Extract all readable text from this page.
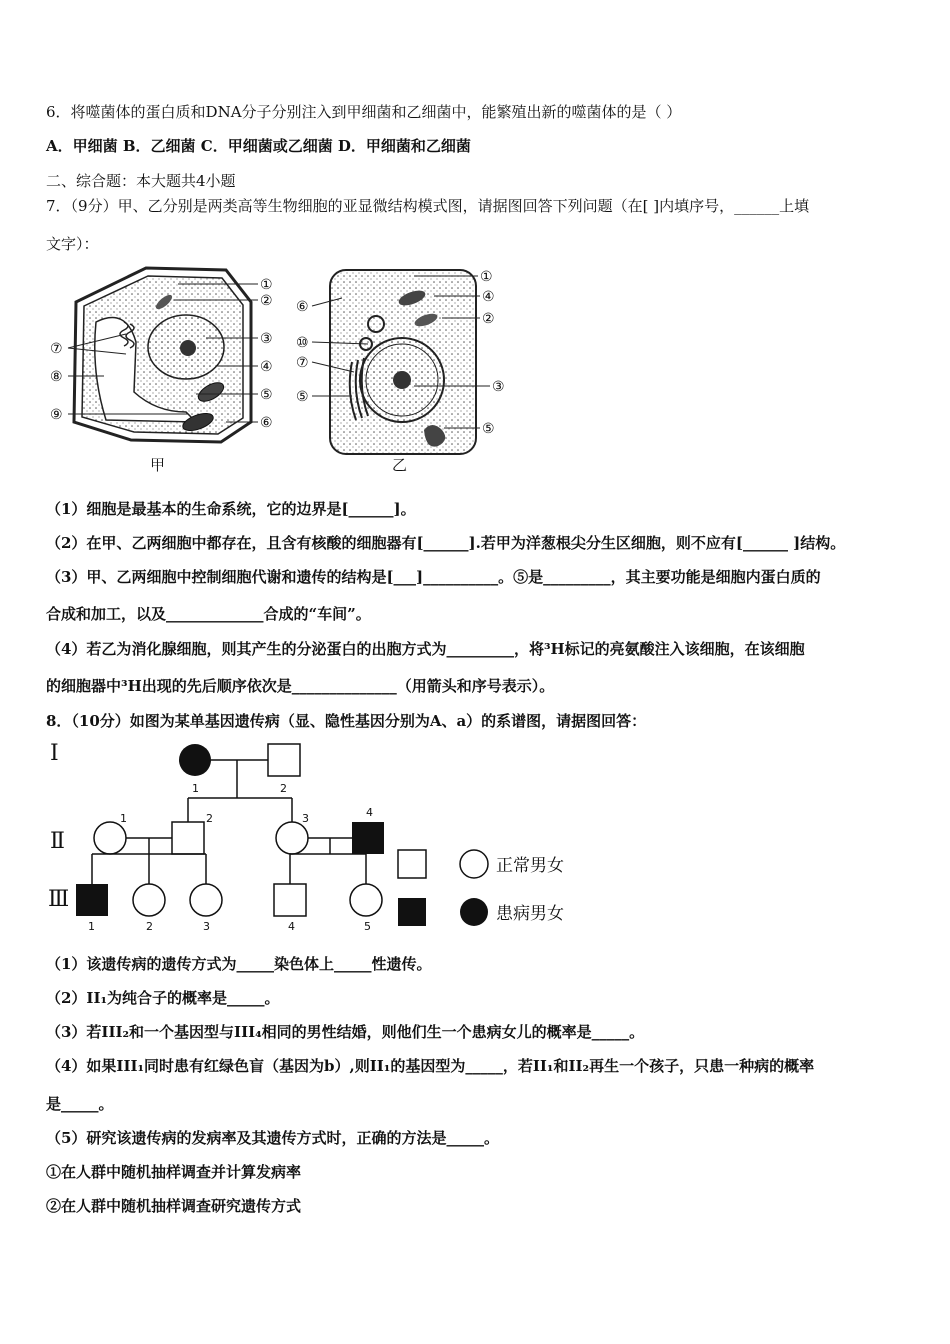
6．将噬菌体的蛋白质和DNA分子分别注入到甲细菌和乙细菌中，能繁殖出新的噬菌体的是（ ）
A．甲细菌 B．乙细菌 C．甲细菌或乙细菌 D．甲细菌和乙细菌
二、综合题：本大题共4小题
7．（9分）甲、乙分别是两类高等生物细胞的亚显微结构模式图，请据图回答下列问题（在[ ]内填序号，______上填
文字）：
①
②
③
④
⑤
⑥
⑦
⑧
⑨
甲
①
④
②
⑥
⑩
⑦
⑤
③
⑤
乙
（1）细胞是最基本的生命系统，它的边界是[______]。
（2）在甲、乙两细胞中都存在，且含有核酸的细胞器有[______].若甲为洋葱根尖分生区细胞，则不应有[______ ]结构。
（3）甲、乙两细胞中控制细胞代谢和遗传的结构是[___]__________。⑤是_________，其主要功能是细胞内蛋白质的
合成和加工，以及_____________合成的“车间”。
（4）若乙为消化腺细胞，则其产生的分泌蛋白的出胞方式为_________，将³H标记的亮氨酸注入该细胞，在该细胞
的细胞器中³H出现的先后顺序依次是______________（用箭头和序号表示）。
8．（10分）如图为某单基因遗传病（显、隐性基因分别为A、a）的系谱图，请据图回答：
Ⅰ
Ⅱ
Ⅲ
1	2
1	2	3	4
1	2	3	4	5
正常男女
患病男女
（1）该遗传病的遗传方式为_____染色体上_____性遗传。
（2）II₁为纯合子的概率是_____。
（3）若III₂和一个基因型与III₄相同的男性结婚，则他们生一个患病女儿的概率是_____。
（4）如果III₁同时患有红绿色盲（基因为b）,则II₁的基因型为_____，若II₁和II₂再生一个孩子，只患一种病的概率
是_____。
（5）研究该遗传病的发病率及其遗传方式时，正确的方法是_____。
①在人群中随机抽样调查并计算发病率
②在人群中随机抽样调查研究遗传方式
